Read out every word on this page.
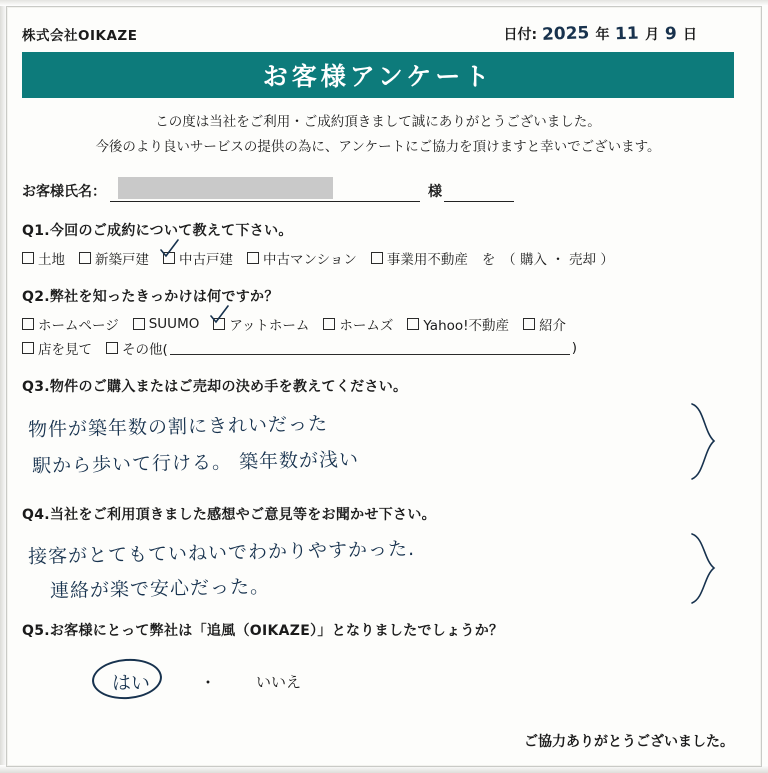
株式会社OIKAZE	日付: 2025 年 11 月 9 日
お客様アンケート
この度は当社をご利用・ご成約頂きまして誠にありがとうございました。
今後のより良いサービスの提供の為に、アンケートにご協力を頂けますと幸いでございます。
お客様氏名：	様
Q1.今回のご成約について教えて下さい。
土地 新築戸建 中古戸建 中古マンション 事業用不動産 を　（ 購入 ・ 売却 ）
Q2.弊社を知ったきっかけは何ですか？
ホームページ SUUMO アットホーム ホームズ Yahoo!不動産 紹介
店を見て その他(	)
Q3.物件のご購入またはご売却の決め手を教えてください。
物件が築年数の割にきれいだった
駅から歩いて行ける。 築年数が浅い
Q4.当社をご利用頂きました感想やご意見等をお聞かせ下さい。
接客がとてもていねいでわかりやすかった.
連絡が楽で安心だった。
Q5.お客様にとって弊社は「追風（OIKAZE）」となりましたでしょうか？
はい	・	いいえ
ご協力ありがとうございました。
